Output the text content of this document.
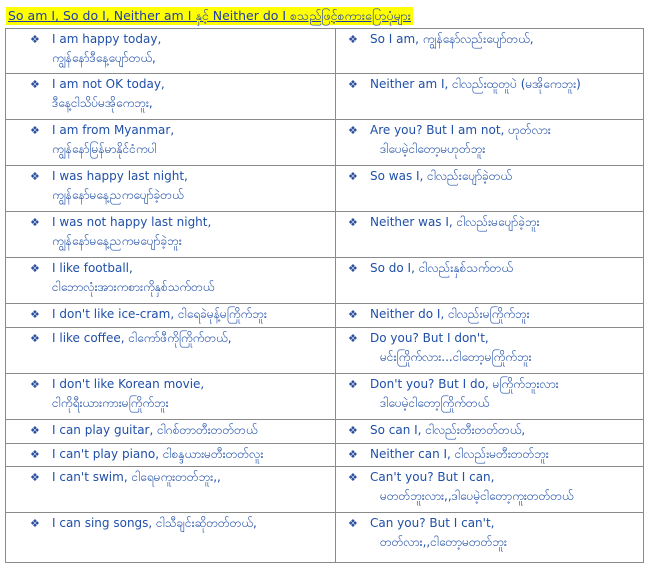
So am I, So do I, Neither am I နှင့် Neither do I စသည်ဖြင့်စကားပြောပုံများ
❖ I am happy today,
ကျွန်နော်ဒီနေ့ပျော်တယ်,	❖ So I am, ကျွန်နော်လည်းပျော်တယ်,

❖ I am not OK today,
ဒီနေ့ငါသိပ်မအိုကေဘူး,	❖ Neither am I, ငါလည်းထူတူပဲ (မအိုကေဘူး)

❖ I am from Myanmar,
ကျွန်နော်မြန်မာနိုင်ငံကပါ	❖ Are you? But I am not, ဟုတ်လား
ဒါပေမဲ့ငါတော့မဟုတ်ဘူး

❖ I was happy last night,
ကျွန်နော်မနေ့ညကပျော်ခဲ့တယ်	❖ So was I, ငါလည်းပျော်ခဲ့တယ်

❖ I was not happy last night,
ကျွန်နော်မနေ့ညကမပျော်ခဲ့ဘူး	❖ Neither was I, ငါလည်းမပျော်ခဲ့ဘူး

❖ I like football,
ငါဘောလုံးအားကစားကိုနှစ်သက်တယ်	❖ So do I, ငါလည်းနှစ်သက်တယ်

❖ I don't like ice-cram, ငါရေခဲမုန့်မကြိုက်ဘူး	❖ Neither do I, ငါလည်းမကြိုက်ဘူး

❖ I like coffee, ငါကော်ဖီကိုကြိုက်တယ်,	❖ Do you? But I don't,
မင်းကြိုက်လား...ငါတော့မကြိုက်ဘူး

❖ I don't like Korean movie,
ငါကိုရီးယားကားမကြိုက်ဘူး	❖ Don't you? But I do, မကြိုက်ဘူးလား
ဒါပေမဲ့ငါတော့ကြိုက်တယ်

❖ I can play guitar, ငါဂစ်တာတီးတတ်တယ်	❖ So can I, ငါလည်းတီးတတ်တယ်,

❖ I can't play piano, ငါစန္ဒယားမတီးတတ်လူး	❖ Neither can I, ငါလည်းမတီးတတ်ဘူး

❖ I can't swim, ငါရေမကူးတတ်ဘူး,,	❖ Can't you? But I can,
မတတ်ဘူးလား,,ဒါပေမဲ့ငါတော့ကူးတတ်တယ်

❖ I can sing songs, ငါသီချင်းဆိုတတ်တယ်,	❖ Can you? But I can't,
တတ်လား,,ငါတော့မတတ်ဘူး
